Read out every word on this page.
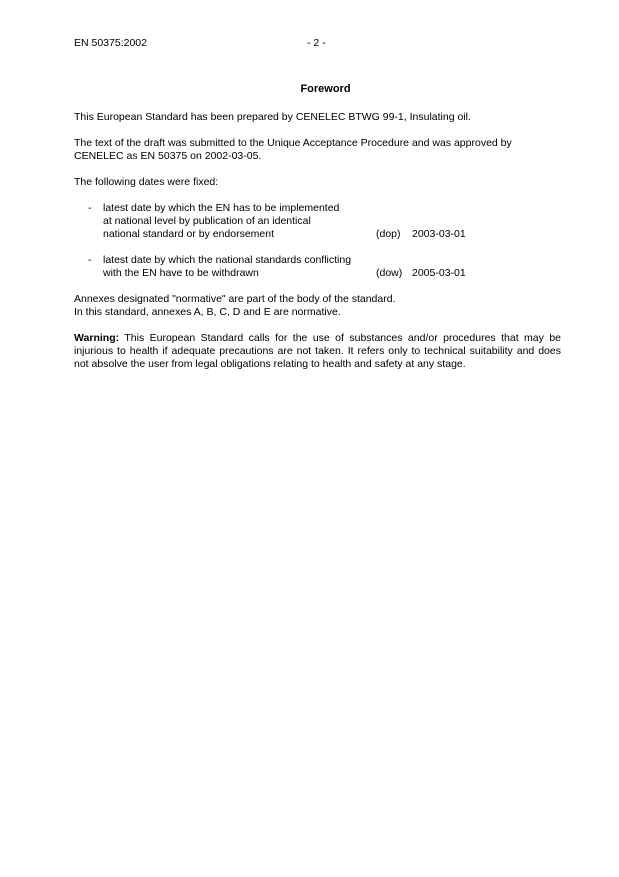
EN 50375:2002	- 2 -
Foreword
This European Standard has been prepared by CENELEC BTWG 99-1, Insulating oil.
The text of the draft was submitted to the Unique Acceptance Procedure and was approved by
CENELEC as EN 50375 on 2002-03-05.
The following dates were fixed:
- latest date by which the EN has to be implemented
at national level by publication of an identical
national standard or by endorsement	(dop) 2003-03-01
- latest date by which the national standards conflicting
with the EN have to be withdrawn	(dow) 2005-03-01
Annexes designated "normative" are part of the body of the standard.
In this standard, annexes A, B, C, D and E are normative.
Warning: This European Standard calls for the use of substances and/or procedures that may be injurious to health if adequate precautions are not taken. It refers only to technical suitability and does not absolve the user from legal obligations relating to health and safety at any stage.
